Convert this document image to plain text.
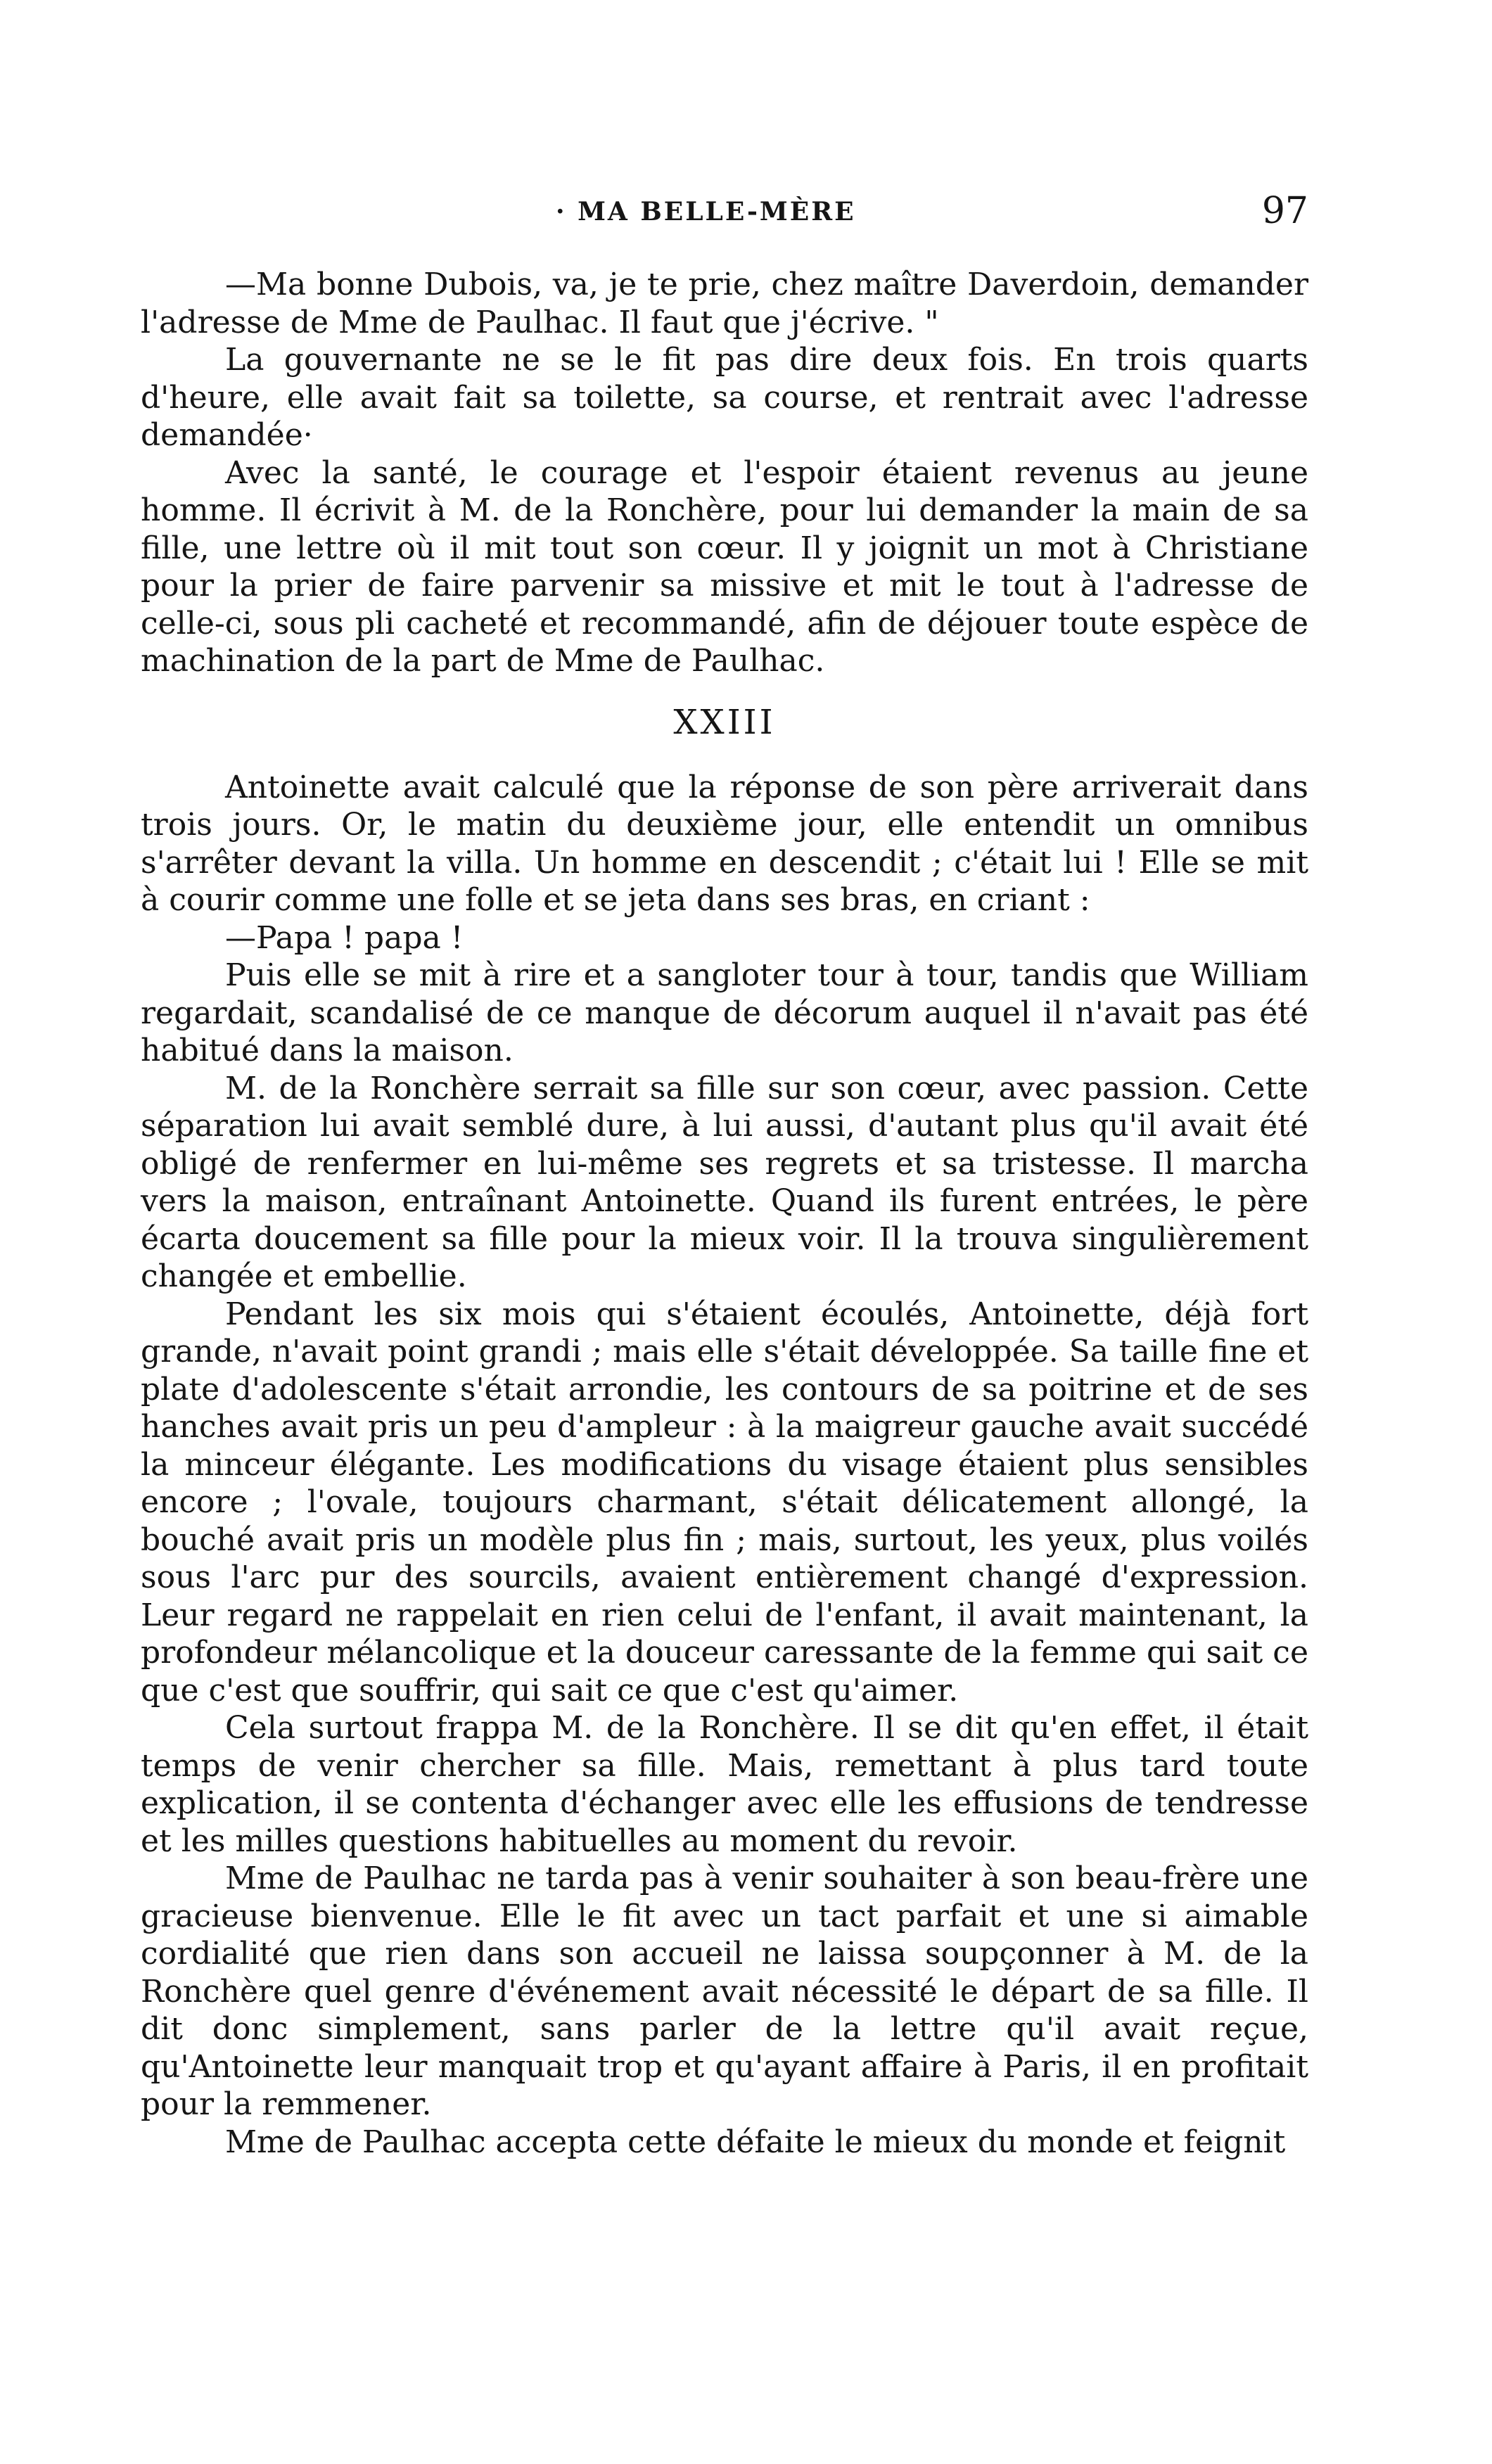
· MA BELLE-MÈRE	97

—Ma bonne Dubois, va, je te prie, chez maître Daverdoin, demander l'adresse de Mme de Paulhac. Il faut que j'écrive. "

La gouvernante ne se le fit pas dire deux fois. En trois quarts d'heure, elle avait fait sa toilette, sa course, et rentrait avec l'adresse demandée·

Avec la santé, le courage et l'espoir étaient revenus au jeune homme. Il écrivit à M. de la Ronchère, pour lui demander la main de sa fille, une lettre où il mit tout son cœur. Il y joignit un mot à Christiane pour la prier de faire parvenir sa missive et mit le tout à l'adresse de celle-ci, sous pli cacheté et recommandé, afin de déjouer toute espèce de machination de la part de Mme de Paulhac.

XXIII

Antoinette avait calculé que la réponse de son père arriverait dans trois jours. Or, le matin du deuxième jour, elle entendit un omnibus s'arrêter devant la villa. Un homme en descendit ; c'était lui ! Elle se mit à courir comme une folle et se jeta dans ses bras, en criant :

—Papa ! papa !

Puis elle se mit à rire et a sangloter tour à tour, tandis que William regardait, scandalisé de ce manque de décorum auquel il n'avait pas été habitué dans la maison.

M. de la Ronchère serrait sa fille sur son cœur, avec passion. Cette séparation lui avait semblé dure, à lui aussi, d'autant plus qu'il avait été obligé de renfermer en lui-même ses regrets et sa tristesse. Il marcha vers la maison, entraînant Antoinette. Quand ils furent entrées, le père écarta doucement sa fille pour la mieux voir. Il la trouva singulièrement changée et embellie.

Pendant les six mois qui s'étaient écoulés, Antoinette, déjà fort grande, n'avait point grandi ; mais elle s'était développée. Sa taille fine et plate d'adolescente s'était arrondie, les contours de sa poitrine et de ses hanches avait pris un peu d'ampleur : à la maigreur gauche avait succédé la minceur élégante. Les modifications du visage étaient plus sensibles encore ; l'ovale, toujours charmant, s'était délicatement allongé, la bouché avait pris un modèle plus fin ; mais, surtout, les yeux, plus voilés sous l'arc pur des sourcils, avaient entièrement changé d'expression. Leur regard ne rappelait en rien celui de l'enfant, il avait maintenant, la profondeur mélancolique et la douceur caressante de la femme qui sait ce que c'est que souffrir, qui sait ce que c'est qu'aimer.

Cela surtout frappa M. de la Ronchère. Il se dit qu'en effet, il était temps de venir chercher sa fille. Mais, remettant à plus tard toute explication, il se contenta d'échanger avec elle les effusions de tendresse et les milles questions habituelles au moment du revoir.

Mme de Paulhac ne tarda pas à venir souhaiter à son beau-frère une gracieuse bienvenue. Elle le fit avec un tact parfait et une si aimable cordialité que rien dans son accueil ne laissa soupçonner à M. de la Ronchère quel genre d'événement avait nécessité le départ de sa fille. Il dit donc simplement, sans parler de la lettre qu'il avait reçue, qu'Antoinette leur manquait trop et qu'ayant affaire à Paris, il en profitait pour la remmener.

Mme de Paulhac accepta cette défaite le mieux du monde et feignit
